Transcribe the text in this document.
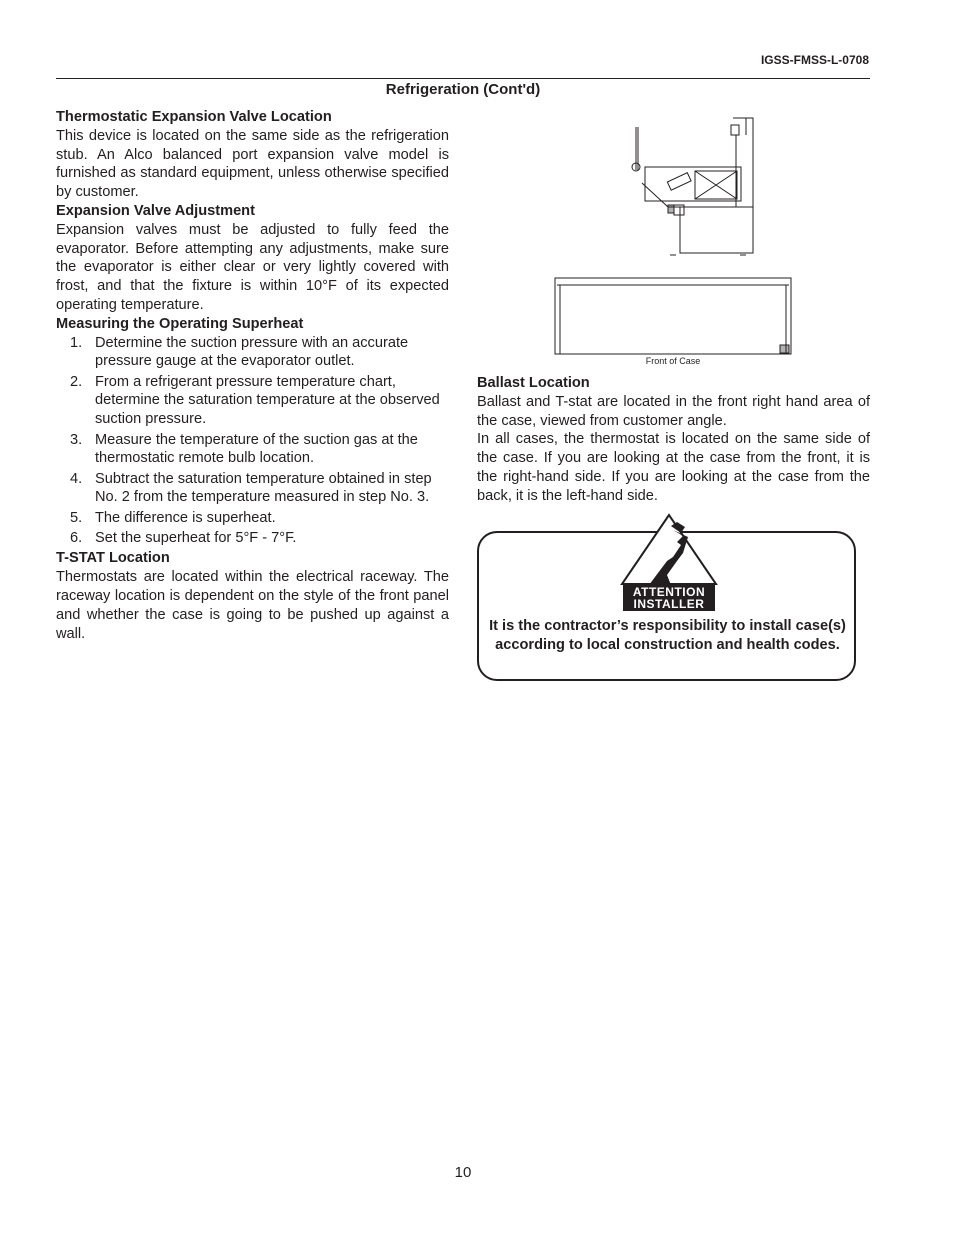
IGSS-FMSS-L-0708
Refrigeration (Cont'd)
Thermostatic Expansion Valve Location

This device is located on the same side as the refrigeration stub. An Alco balanced port expansion valve model is furnished as standard equipment, unless otherwise specified by customer.

Expansion Valve Adjustment

Expansion valves must be adjusted to fully feed the evaporator. Before attempting any adjustments, make sure the evaporator is either clear or very lightly covered with frost, and that the fixture is within 10°F of its expected operating temperature.

Measuring the Operating Superheat
1. Determine the suction pressure with an accurate pressure gauge at the evaporator outlet.
2. From a refrigerant pressure temperature chart, determine the saturation temperature at the observed suction pressure.
3. Measure the temperature of the suction gas at the thermostatic remote bulb location.
4. Subtract the saturation temperature obtained in step No. 2 from the temperature measured in step No. 3.
5. The difference is superheat.
6. Set the superheat for 5°F - 7°F.
T-STAT Location

Thermostats are located within the electrical raceway. The raceway location is dependent on the style of the front panel and whether the case is going to be pushed up against a wall.

Front of Case
Ballast Location

Ballast and T-stat are located in the front right hand area of the case, viewed from customer angle.

In all cases, the thermostat is located on the same side of the case. If you are looking at the case from the front, it is the right-hand side. If you are looking at the case from the back, it is the left-hand side.

ATTENTION
INSTALLER
It is the contractor’s responsibility to install case(s) according to local construction and health codes.
10
